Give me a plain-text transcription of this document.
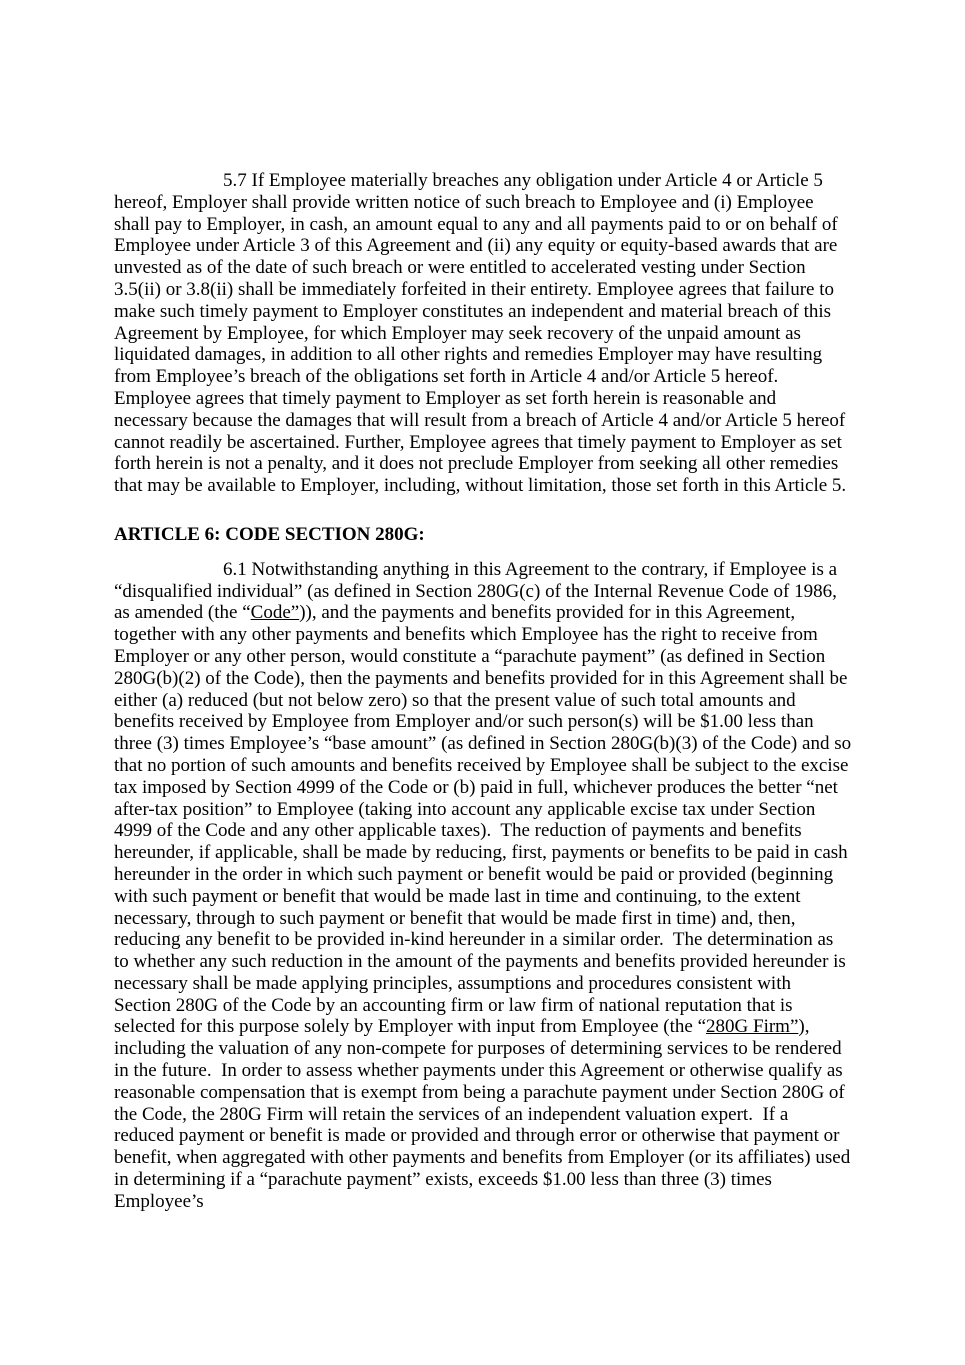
5.7 If Employee materially breaches any obligation under Article 4 or Article 5 hereof, Employer shall provide written notice of such breach to Employee and (i) Employee shall pay to Employer, in cash, an amount equal to any and all payments paid to or on behalf of Employee under Article 3 of this Agreement and (ii) any equity or equity-based awards that are unvested as of the date of such breach or were entitled to accelerated vesting under Section 3.5(ii) or 3.8(ii) shall be immediately forfeited in their entirety. Employee agrees that failure to make such timely payment to Employer constitutes an independent and material breach of this Agreement by Employee, for which Employer may seek recovery of the unpaid amount as liquidated damages, in addition to all other rights and remedies Employer may have resulting from Employee’s breach of the obligations set forth in Article 4 and/or Article 5 hereof. Employee agrees that timely payment to Employer as set forth herein is reasonable and necessary because the damages that will result from a breach of Article 4 and/or Article 5 hereof cannot readily be ascertained. Further, Employee agrees that timely payment to Employer as set forth herein is not a penalty, and it does not preclude Employer from seeking all other remedies that may be available to Employer, including, without limitation, those set forth in this Article 5.

ARTICLE 6: CODE SECTION 280G:

6.1 Notwithstanding anything in this Agreement to the contrary, if Employee is a “disqualified individual” (as defined in Section 280G(c) of the Internal Revenue Code of 1986, as amended (the “Code”)), and the payments and benefits provided for in this Agreement, together with any other payments and benefits which Employee has the right to receive from Employer or any other person, would constitute a “parachute payment” (as defined in Section 280G(b)(2) of the Code), then the payments and benefits provided for in this Agreement shall be either (a) reduced (but not below zero) so that the present value of such total amounts and benefits received by Employee from Employer and/or such person(s) will be $1.00 less than three (3) times Employee’s “base amount” (as defined in Section 280G(b)(3) of the Code) and so that no portion of such amounts and benefits received by Employee shall be subject to the excise tax imposed by Section 4999 of the Code or (b) paid in full, whichever produces the better “net after-tax position” to Employee (taking into account any applicable excise tax under Section 4999 of the Code and any other applicable taxes).  The reduction of payments and benefits hereunder, if applicable, shall be made by reducing, first, payments or benefits to be paid in cash hereunder in the order in which such payment or benefit would be paid or provided (beginning with such payment or benefit that would be made last in time and continuing, to the extent necessary, through to such payment or benefit that would be made first in time) and, then, reducing any benefit to be provided in-kind hereunder in a similar order.  The determination as to whether any such reduction in the amount of the payments and benefits provided hereunder is necessary shall be made applying principles, assumptions and procedures consistent with Section 280G of the Code by an accounting firm or law firm of national reputation that is selected for this purpose solely by Employer with input from Employee (the “280G Firm”), including the valuation of any non-compete for purposes of determining services to be rendered in the future.  In order to assess whether payments under this Agreement or otherwise qualify as reasonable compensation that is exempt from being a parachute payment under Section 280G of the Code, the 280G Firm will retain the services of an independent valuation expert.  If a reduced payment or benefit is made or provided and through error or otherwise that payment or benefit, when aggregated with other payments and benefits from Employer (or its affiliates) used in determining if a “parachute payment” exists, exceeds $1.00 less than three (3) times Employee’s
